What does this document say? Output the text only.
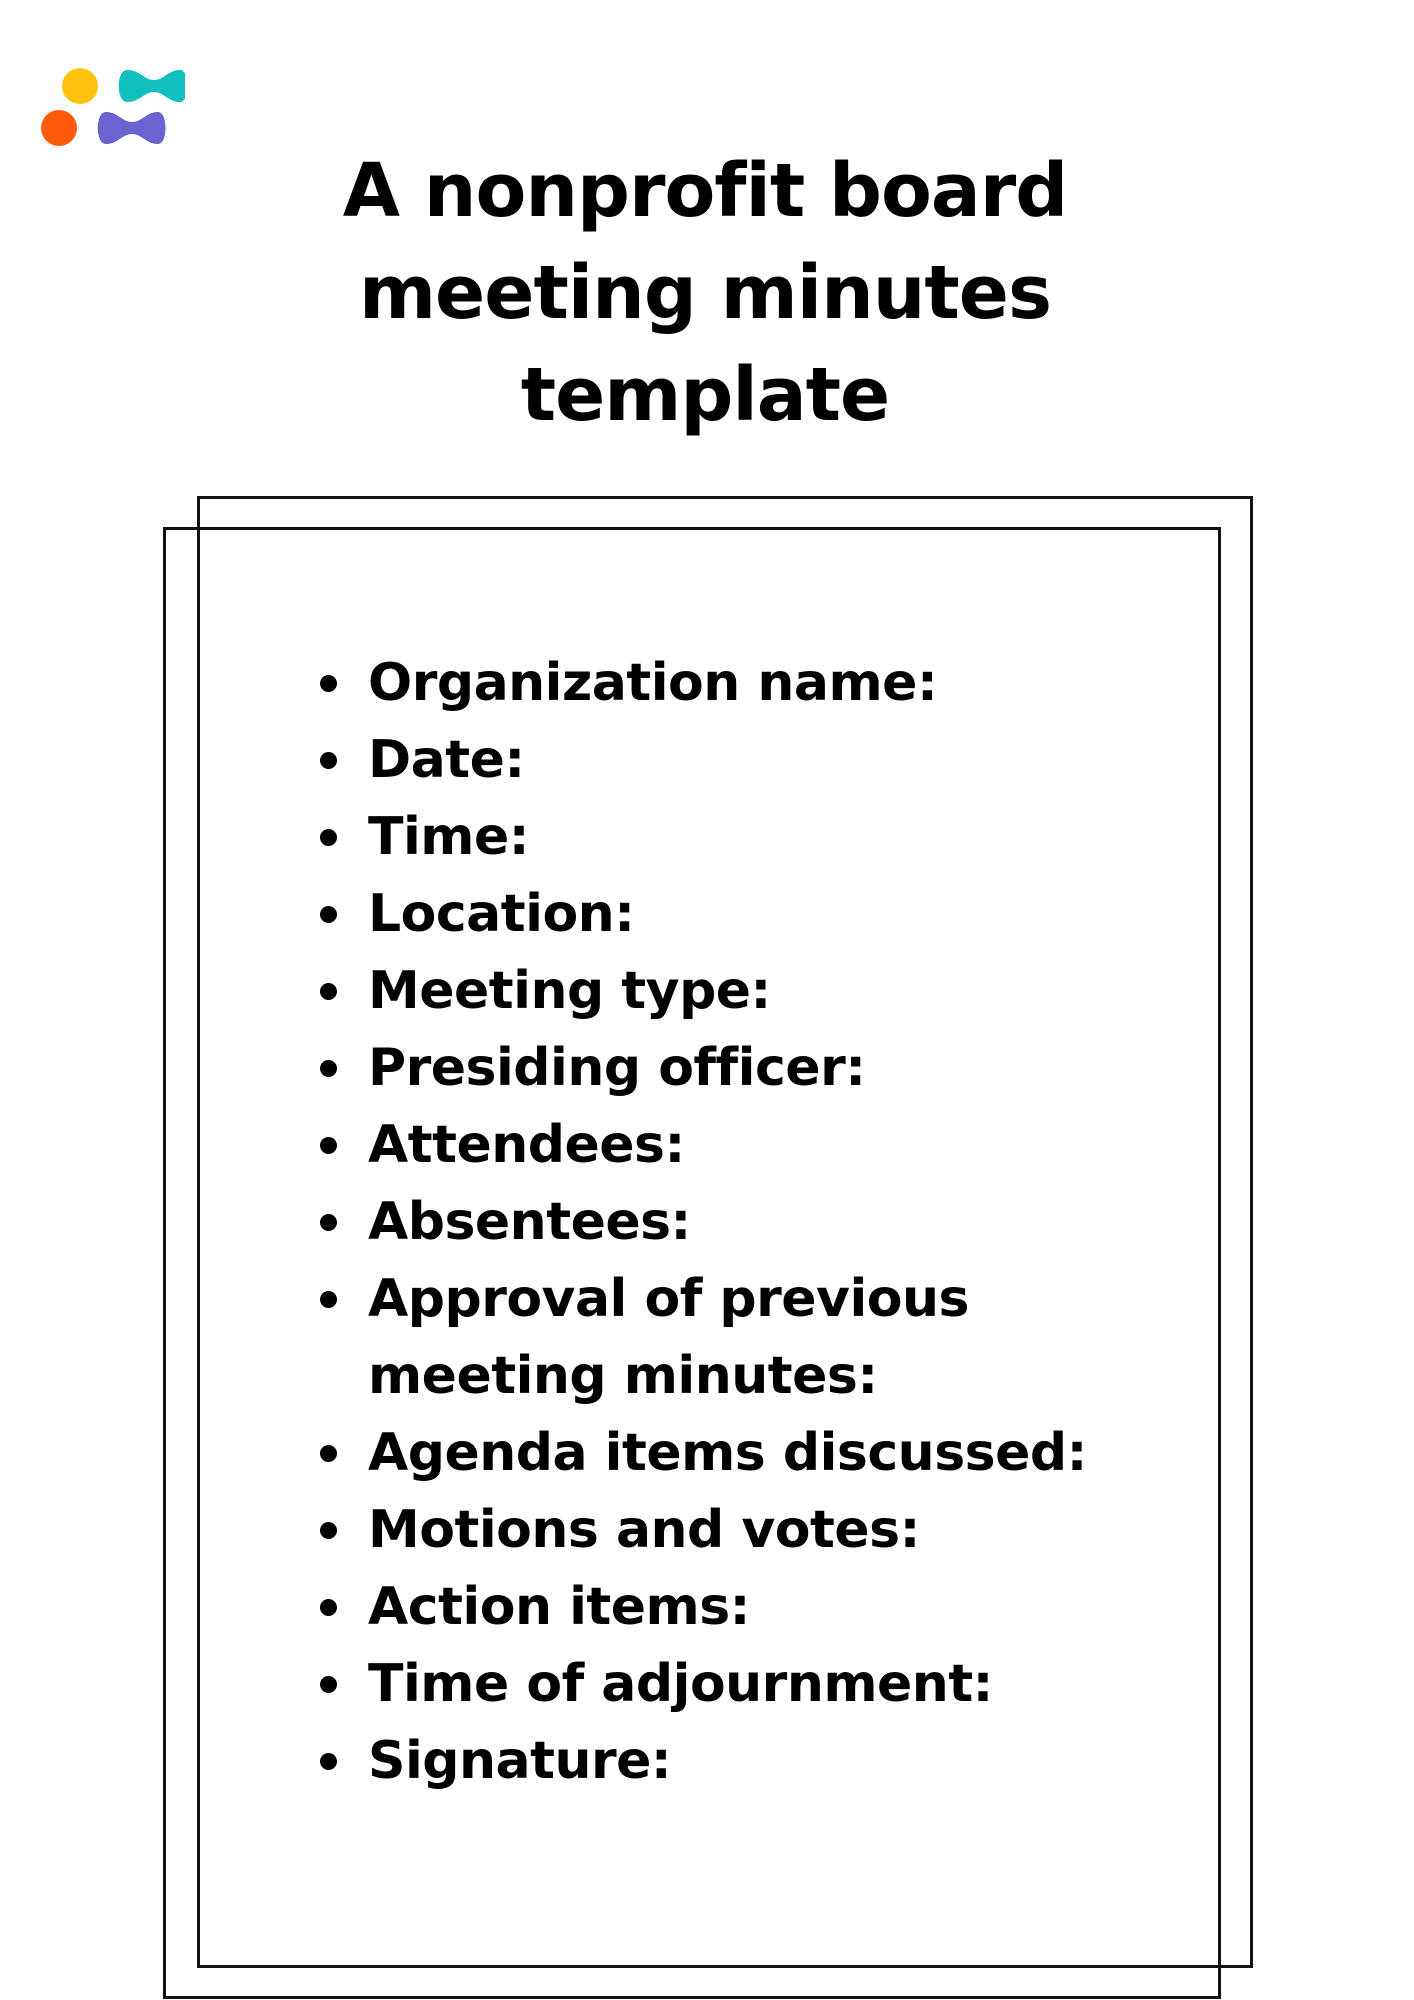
A nonprofit board meeting minutes template
Organization name:
Date:
Time:
Location:
Meeting type:
Presiding officer:
Attendees:
Absentees:
Approval of previous meeting minutes:
Agenda items discussed:
Motions and votes:
Action items:
Time of adjournment:
Signature:
